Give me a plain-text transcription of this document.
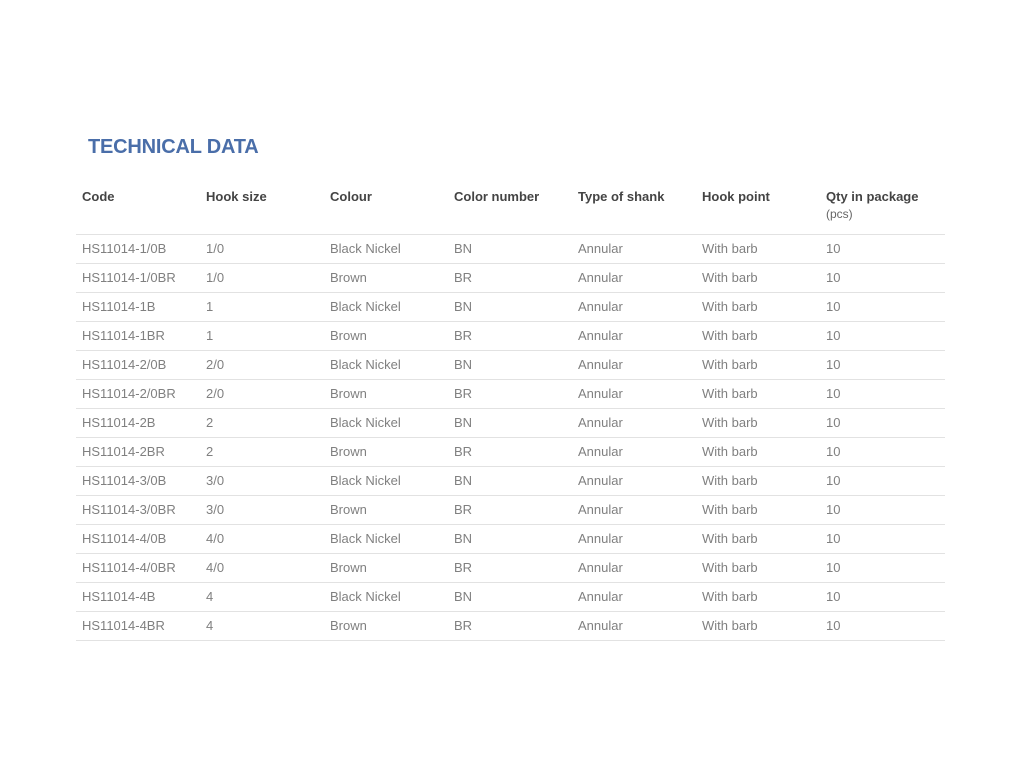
TECHNICAL DATA
Code	Hook size	Colour	Color number	Type of shank	Hook point	Qty in package
(pcs)

HS11014-1/0B	1/0	Black Nickel	BN	Annular	With barb	10
HS11014-1/0BR	1/0	Brown	BR	Annular	With barb	10
HS11014-1B	1	Black Nickel	BN	Annular	With barb	10
HS11014-1BR	1	Brown	BR	Annular	With barb	10
HS11014-2/0B	2/0	Black Nickel	BN	Annular	With barb	10
HS11014-2/0BR	2/0	Brown	BR	Annular	With barb	10
HS11014-2B	2	Black Nickel	BN	Annular	With barb	10
HS11014-2BR	2	Brown	BR	Annular	With barb	10
HS11014-3/0B	3/0	Black Nickel	BN	Annular	With barb	10
HS11014-3/0BR	3/0	Brown	BR	Annular	With barb	10
HS11014-4/0B	4/0	Black Nickel	BN	Annular	With barb	10
HS11014-4/0BR	4/0	Brown	BR	Annular	With barb	10
HS11014-4B	4	Black Nickel	BN	Annular	With barb	10
HS11014-4BR	4	Brown	BR	Annular	With barb	10
